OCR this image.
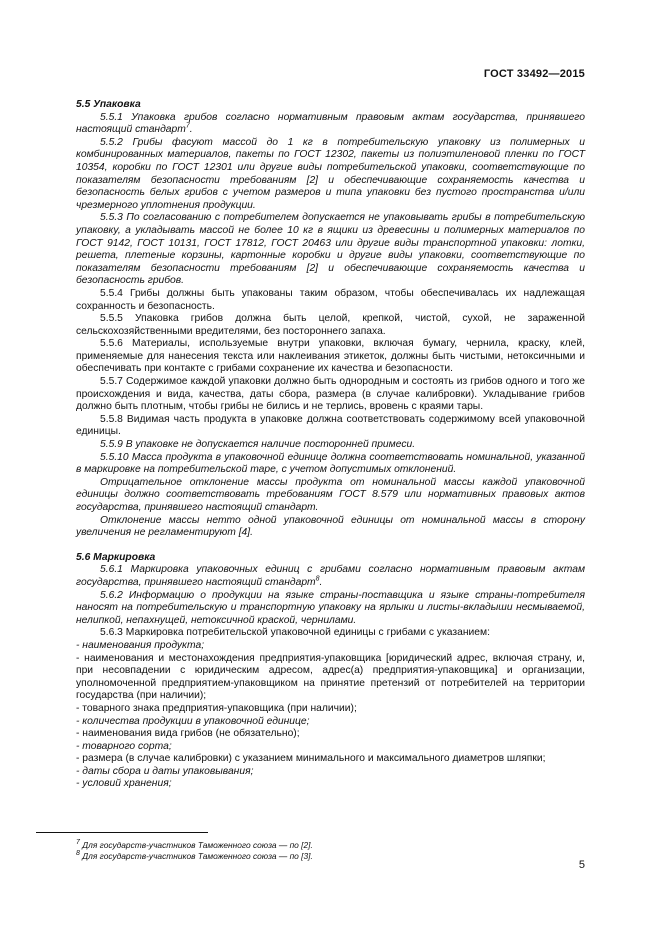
ГОСТ 33492—2015
5.5 Упаковка
5.5.1 Упаковка грибов согласно нормативным правовым актам государства, принявшего настоящий стандарт$^7$.
5.5.2 Грибы фасуют массой до 1 кг в потребительскую упаковку из полимерных и комбинированных материалов, пакеты по ГОСТ 12302, пакеты из полиэтиленовой пленки по ГОСТ 10354, коробки по ГОСТ 12301 или другие виды потребительской упаковки, соответствующие по показателям безопасности требованиям [2] и обеспечивающие сохраняемость качества и безопасность белых грибов с учетом размеров и типа упаковки без пустого пространства и/или чрезмерного уплотнения продукции.
5.5.3 По согласованию с потребителем допускается не упаковывать грибы в потребительскую упаковку, а укладывать массой не более 10 кг в ящики из древесины и полимерных материалов по ГОСТ 9142, ГОСТ 10131, ГОСТ 17812, ГОСТ 20463 или другие виды транспортной упаковки: лотки, решета, плетеные корзины, картонные коробки и другие виды упаковки, соответствующие по показателям безопасности требованиям [2] и обеспечивающие сохраняемость качества и безопасность грибов.
5.5.4 Грибы должны быть упакованы таким образом, чтобы обеспечивалась их надлежащая сохранность и безопасность.
5.5.5 Упаковка грибов должна быть целой, крепкой, чистой, сухой, не зараженной сельскохозяйственными вредителями, без постороннего запаха.
5.5.6 Материалы, используемые внутри упаковки, включая бумагу, чернила, краску, клей, применяемые для нанесения текста или наклеивания этикеток, должны быть чистыми, нетоксичными и обеспечивать при контакте с грибами сохранение их качества и безопасности.
5.5.7 Содержимое каждой упаковки должно быть однородным и состоять из грибов одного и того же происхождения и вида, качества, даты сбора, размера (в случае калибровки). Укладывание грибов должно быть плотным, чтобы грибы не бились и не терлись, вровень с краями тары.
5.5.8 Видимая часть продукта в упаковке должна соответствовать содержимому всей упаковочной единицы.
5.5.9 В упаковке не допускается наличие посторонней примеси.
5.5.10 Масса продукта в упаковочной единице должна соответствовать номинальной, указанной в маркировке на потребительской таре, с учетом допустимых отклонений.
Отрицательное отклонение массы продукта от номинальной массы каждой упаковочной единицы должно соответствовать требованиям ГОСТ 8.579 или нормативных правовых актов государства, принявшего настоящий стандарт.
Отклонение массы нетто одной упаковочной единицы от номинальной массы в сторону увеличения не регламентируют [4].
5.6 Маркировка
5.6.1 Маркировка упаковочных единиц с грибами согласно нормативным правовым актам государства, принявшего настоящий стандарт$^8$.
5.6.2 Информацию о продукции на языке страны-поставщика и языке страны-потребителя наносят на потребительскую и транспортную упаковку на ярлыки и листы-вкладыши несмываемой, нелипкой, непахнущей, нетоксичной краской, чернилами.
5.6.3 Маркировка потребительской упаковочной единицы с грибами с указанием:
- наименования продукта;
- наименования и местонахождения предприятия-упаковщика [юридический адрес, включая страну, и, при несовпадении с юридическим адресом, адрес(а) предприятия-упаковщика] и организации, уполномоченной предприятием-упаковщиком на принятие претензий от потребителей на территории государства (при наличии);
- товарного знака предприятия-упаковщика (при наличии);
- количества продукции в упаковочной единице;
- наименования вида грибов (не обязательно);
- товарного сорта;
- размера (в случае калибровки) с указанием минимального и максимального диаметров шляпки;
- даты сбора и даты упаковывания;
- условий хранения;
$^7$ Для государств-участников Таможенного союза — по [2].
$^8$ Для государств-участников Таможенного союза — по [3].
5
